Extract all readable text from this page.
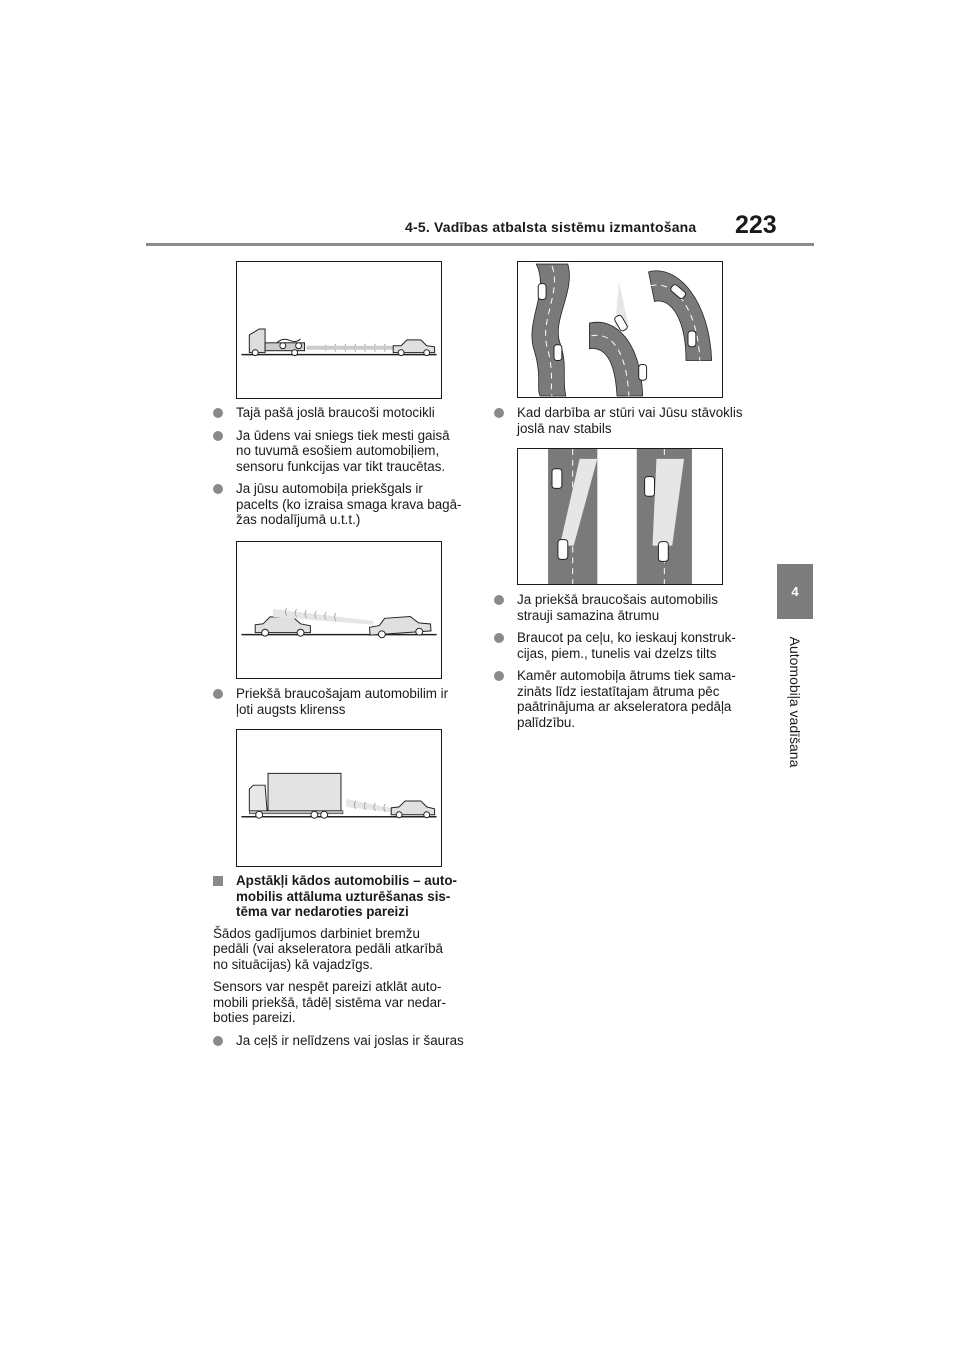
4-5. Vadības atbalsta sistēmu izmantošana 223
4
Automobiļa vadīšana

Tajā pašā joslā braucoši motocikli

Ja ūdens vai sniegs tiek mesti gaisā
no tuvumā esošiem automobiļiem,
sensoru funkcijas var tikt traucētas.

Ja jūsu automobiļa priekšgals ir
pacelts (ko izraisa smaga krava bagā-
žas nodalījumā u.t.t.)

Priekšā braucošajam automobilim ir
ļoti augsts klirenss

Apstākļi kādos automobilis – auto-
mobilis attāluma uzturēšanas sis-
tēma var nedaroties pareizi

Šādos gadījumos darbiniet bremžu
pedāli (vai akseleratora pedāli atkarībā
no situācijas) kā vajadzīgs.

Sensors var nespēt pareizi atklāt auto-
mobili priekšā, tādēļ sistēma var nedar-
boties pareizi.

Ja ceļš ir nelīdzens vai joslas ir šauras

Kad darbība ar stūri vai Jūsu stāvoklis
joslā nav stabils

Ja priekšā braucošais automobilis
strauji samazina ātrumu

Braucot pa ceļu, ko ieskauj konstruk-
cijas, piem., tunelis vai dzelzs tilts

Kamēr automobiļa ātrums tiek sama-
zināts līdz iestatītajam ātruma pēc
paātrinājuma ar akseleratora pedāļa
palīdzību.
